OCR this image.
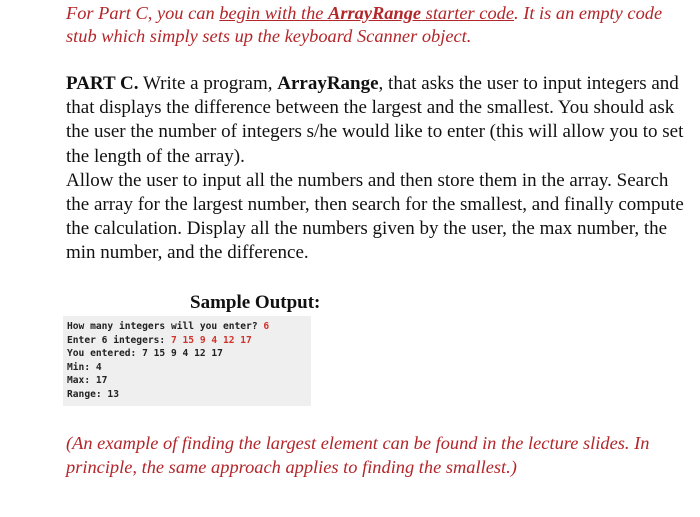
For Part C, you can begin with the ArrayRange starter code. It is an empty code stub which simply sets up the keyboard Scanner object.
PART C. Write a program, ArrayRange, that asks the user to input integers and that displays the difference between the largest and the smallest. You should ask the user the number of integers s/he would like to enter (this will allow you to set the length of the array).
Allow the user to input all the numbers and then store them in the array. Search the array for the largest number, then search for the smallest, and finally compute the calculation. Display all the numbers given by the user, the max number, the min number, and the difference.
Sample Output:
How many integers will you enter? 6
Enter 6 integers: 7 15 9 4 12 17
You entered: 7 15 9 4 12 17
Min: 4
Max: 17
Range: 13
(An example of finding the largest element can be found in the lecture slides. In principle, the same approach applies to finding the smallest.)
